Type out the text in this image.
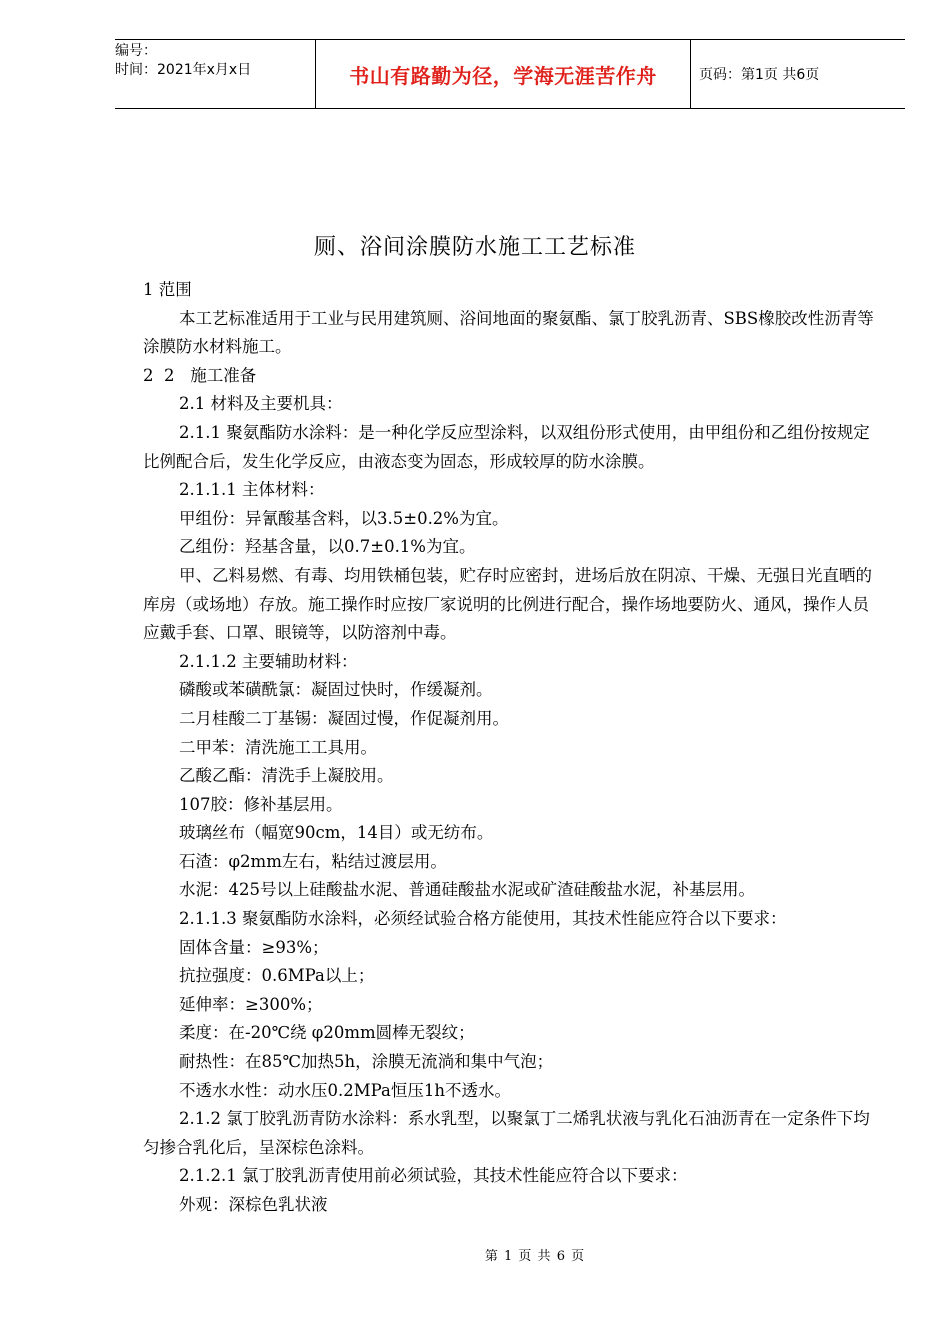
编号：
时间：2021年x月x日	书山有路勤为径，学海无涯苦作舟	页码：第1页 共6页
厕、浴间涂膜防水施工工艺标准

1 范围

本工艺标准适用于工业与民用建筑厕、浴间地面的聚氨酯、氯丁胶乳沥青、SBS橡胶改性沥青等涂膜防水材料施工。

2  2   施工准备

2.1 材料及主要机具：

2.1.1 聚氨酯防水涂料：是一种化学反应型涂料，以双组份形式使用，由甲组份和乙组份按规定比例配合后，发生化学反应，由液态变为固态，形成较厚的防水涂膜。

2.1.1.1 主体材料：

甲组份：异氰酸基含料，以3.5±0.2%为宜。

乙组份：羟基含量，以0.7±0.1%为宜。

甲、乙料易燃、有毒、均用铁桶包装，贮存时应密封，进场后放在阴凉、干燥、无强日光直晒的库房（或场地）存放。施工操作时应按厂家说明的比例进行配合，操作场地要防火、通风，操作人员应戴手套、口罩、眼镜等，以防溶剂中毒。

2.1.1.2 主要辅助材料：

磷酸或苯磺酰氯：凝固过快时，作缓凝剂。

二月桂酸二丁基锡：凝固过慢，作促凝剂用。

二甲苯：清洗施工工具用。

乙酸乙酯：清洗手上凝胶用。

107胶：修补基层用。

玻璃丝布（幅宽90cm，14目）或无纺布。

石渣：φ2mm左右，粘结过渡层用。

水泥：425号以上硅酸盐水泥、普通硅酸盐水泥或矿渣硅酸盐水泥，补基层用。

2.1.1.3 聚氨酯防水涂料，必须经试验合格方能使用，其技术性能应符合以下要求：

固体含量：≥93%；

抗拉强度：0.6MPa以上；

延伸率：≥300%；

柔度：在-20℃绕 φ20mm圆棒无裂纹；

耐热性：在85℃加热5h，涂膜无流淌和集中气泡；

不透水水性：动水压0.2MPa恒压1h不透水。

2.1.2 氯丁胶乳沥青防水涂料：系水乳型，以聚氯丁二烯乳状液与乳化石油沥青在一定条件下均匀掺合乳化后，呈深棕色涂料。

2.1.2.1 氯丁胶乳沥青使用前必须试验，其技术性能应符合以下要求：

外观：深棕色乳状液

第 1 页 共 6 页
